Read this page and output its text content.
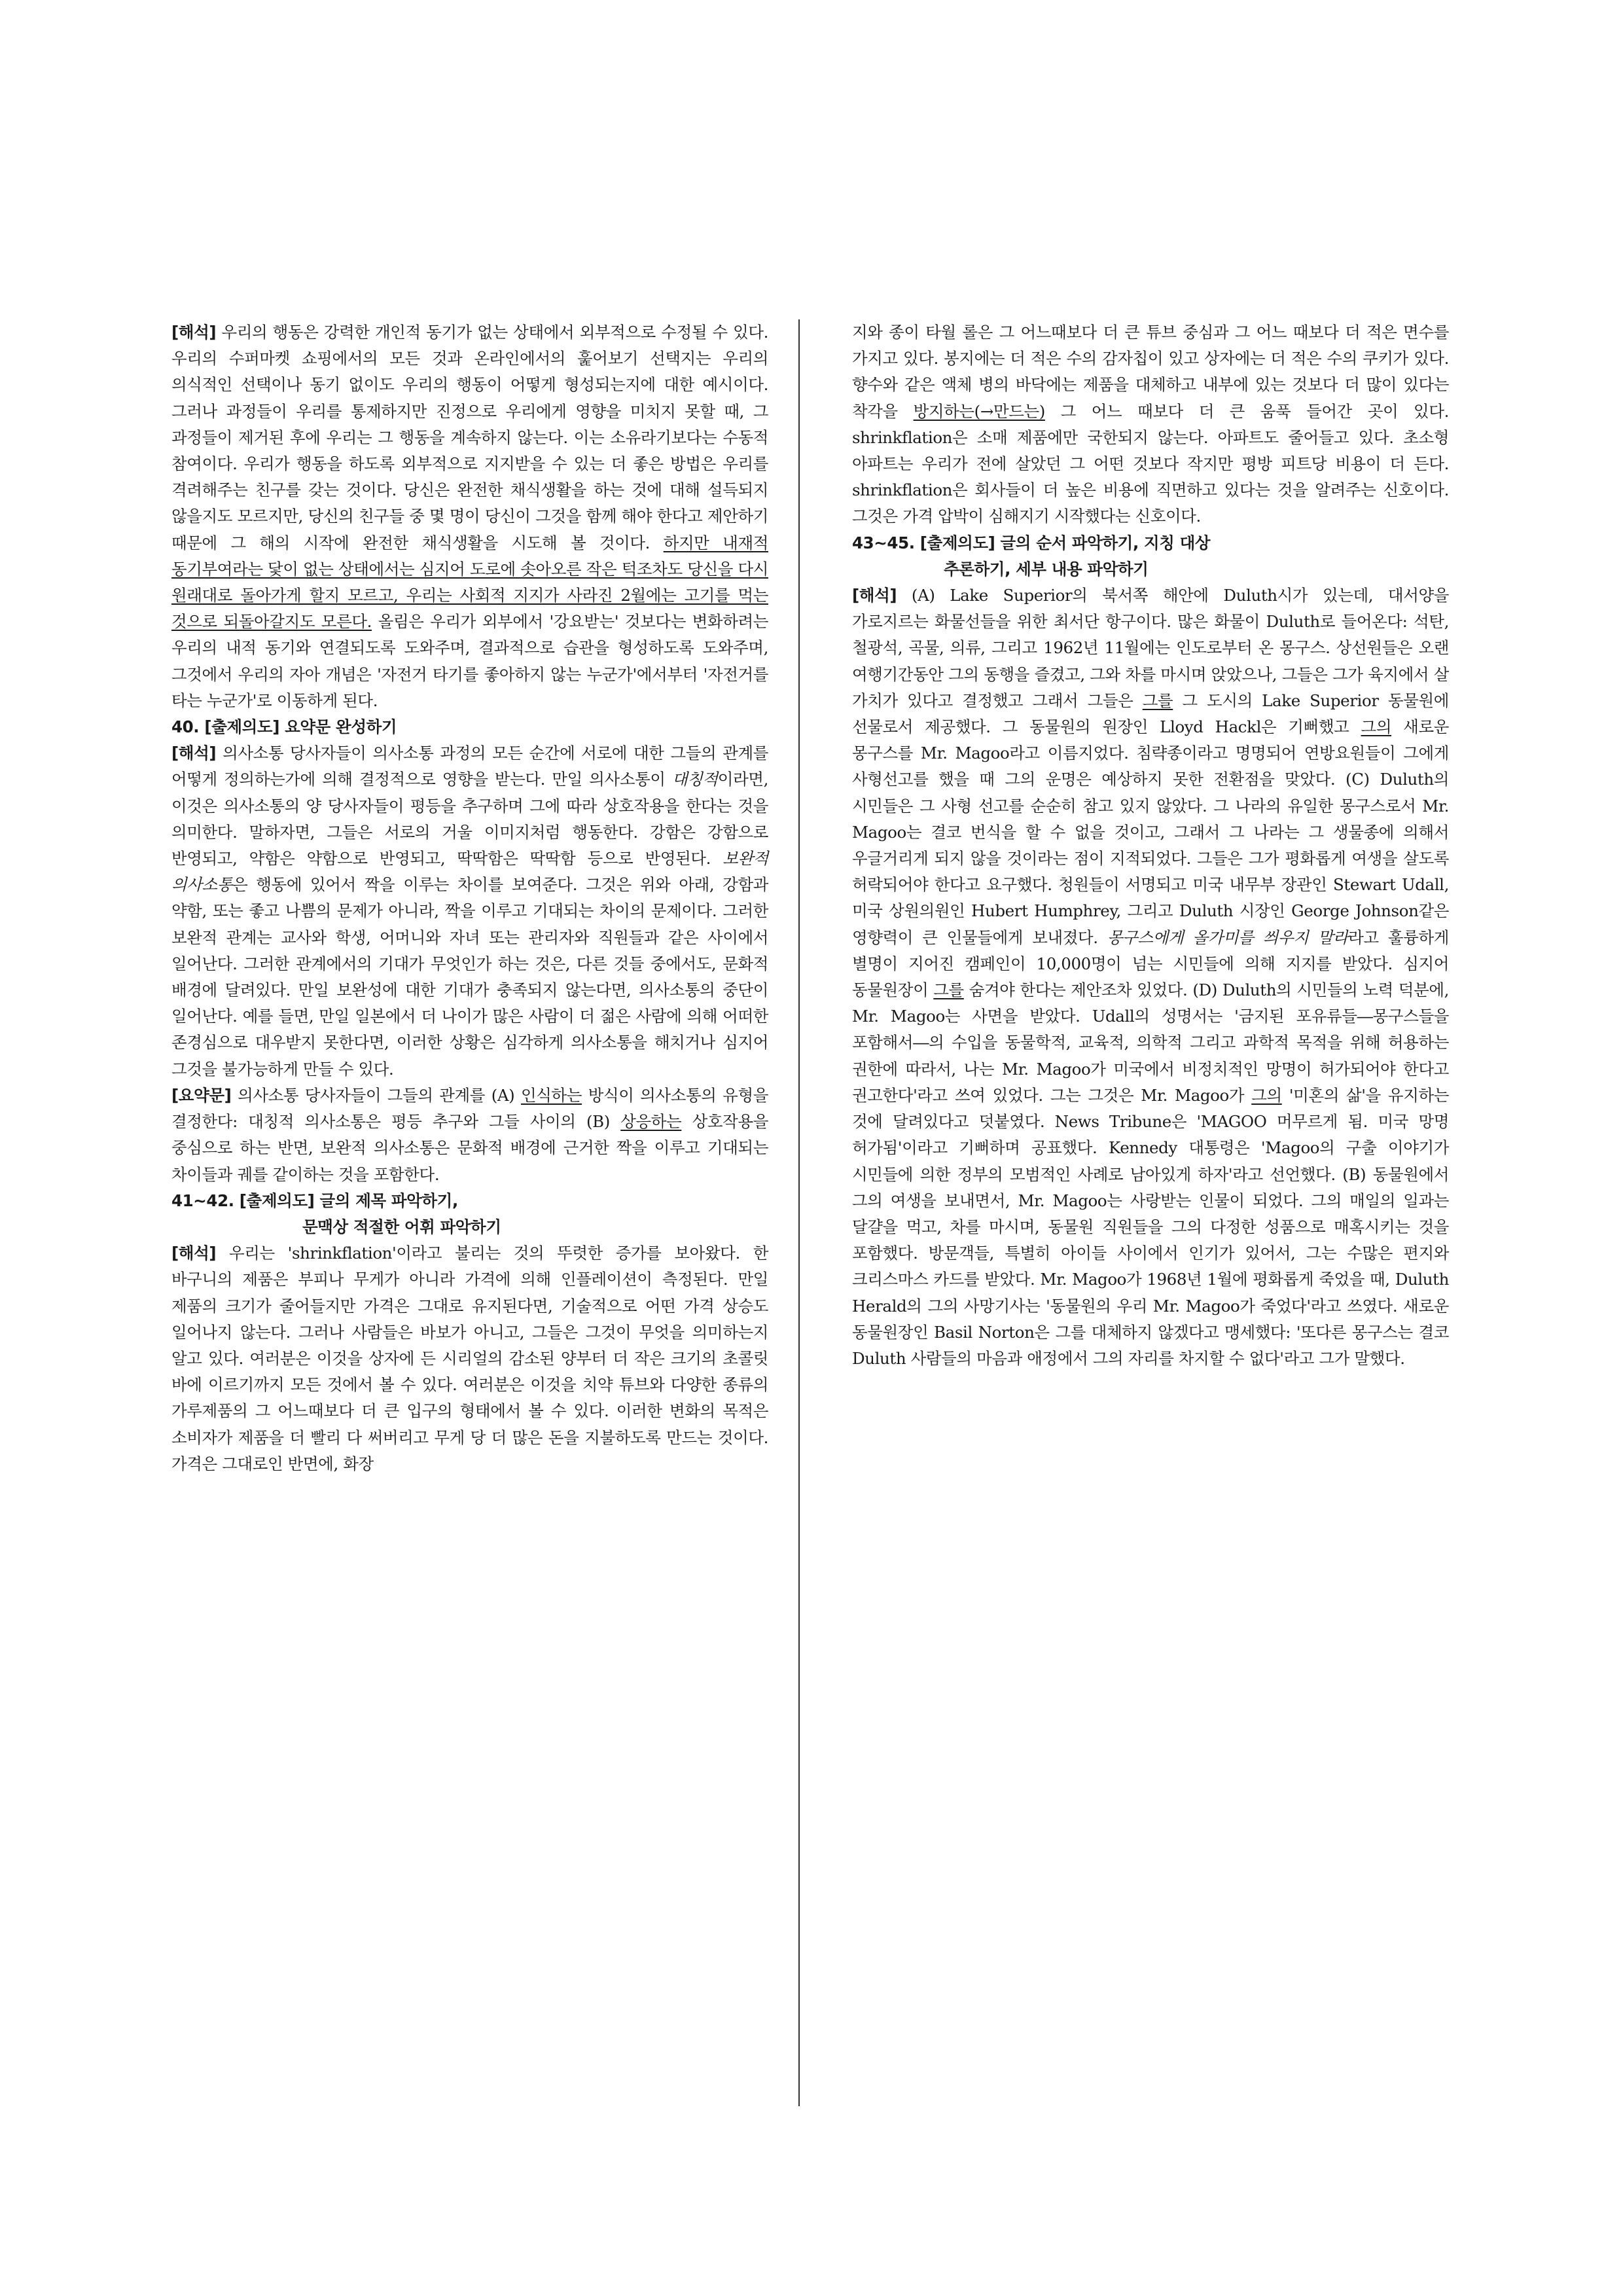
[해석] 우리의 행동은 강력한 개인적 동기가 없는 상태에서 외부적으로 수정될 수 있다. 우리의 수퍼마켓 쇼핑에서의 모든 것과 온라인에서의 훑어보기 선택지는 우리의 의식적인 선택이나 동기 없이도 우리의 행동이 어떻게 형성되는지에 대한 예시이다. 그러나 과정들이 우리를 통제하지만 진정으로 우리에게 영향을 미치지 못할 때, 그 과정들이 제거된 후에 우리는 그 행동을 계속하지 않는다. 이는 소유라기보다는 수동적 참여이다. 우리가 행동을 하도록 외부적으로 지지받을 수 있는 더 좋은 방법은 우리를 격려해주는 친구를 갖는 것이다. 당신은 완전한 채식생활을 하는 것에 대해 설득되지 않을지도 모르지만, 당신의 친구들 중 몇 명이 당신이 그것을 함께 해야 한다고 제안하기 때문에 그 해의 시작에 완전한 채식생활을 시도해 볼 것이다. 하지만 내재적 동기부여라는 닻이 없는 상태에서는 심지어 도로에 솟아오른 작은 턱조차도 당신을 다시 원래대로 돌아가게 할지 모르고, 우리는 사회적 지지가 사라진 2월에는 고기를 먹는 것으로 되돌아갈지도 모른다. 올림은 우리가 외부에서 '강요받는' 것보다는 변화하려는 우리의 내적 동기와 연결되도록 도와주며, 결과적으로 습관을 형성하도록 도와주며, 그것에서 우리의 자아 개념은 '자전거 타기를 좋아하지 않는 누군가'에서부터 '자전거를 타는 누군가'로 이동하게 된다.

40. [출제의도] 요약문 완성하기

[해석] 의사소통 당사자들이 의사소통 과정의 모든 순간에 서로에 대한 그들의 관계를 어떻게 정의하는가에 의해 결정적으로 영향을 받는다. 만일 의사소통이 대칭적이라면, 이것은 의사소통의 양 당사자들이 평등을 추구하며 그에 따라 상호작용을 한다는 것을 의미한다. 말하자면, 그들은 서로의 거울 이미지처럼 행동한다. 강함은 강함으로 반영되고, 약함은 약함으로 반영되고, 딱딱함은 딱딱함 등으로 반영된다. 보완적 의사소통은 행동에 있어서 짝을 이루는 차이를 보여준다. 그것은 위와 아래, 강함과 약함, 또는 좋고 나쁨의 문제가 아니라, 짝을 이루고 기대되는 차이의 문제이다. 그러한 보완적 관계는 교사와 학생, 어머니와 자녀 또는 관리자와 직원들과 같은 사이에서 일어난다. 그러한 관계에서의 기대가 무엇인가 하는 것은, 다른 것들 중에서도, 문화적 배경에 달려있다. 만일 보완성에 대한 기대가 충족되지 않는다면, 의사소통의 중단이 일어난다. 예를 들면, 만일 일본에서 더 나이가 많은 사람이 더 젊은 사람에 의해 어떠한 존경심으로 대우받지 못한다면, 이러한 상황은 심각하게 의사소통을 해치거나 심지어 그것을 불가능하게 만들 수 있다.

[요약문] 의사소통 당사자들이 그들의 관계를 (A) 인식하는 방식이 의사소통의 유형을 결정한다: 대칭적 의사소통은 평등 추구와 그들 사이의 (B) 상응하는 상호작용을 중심으로 하는 반면, 보완적 의사소통은 문화적 배경에 근거한 짝을 이루고 기대되는 차이들과 궤를 같이하는 것을 포함한다.

41~42. [출제의도] 글의 제목 파악하기,
문맥상 적절한 어휘 파악하기

[해석] 우리는 'shrinkflation'이라고 불리는 것의 뚜렷한 증가를 보아왔다. 한 바구니의 제품은 부피나 무게가 아니라 가격에 의해 인플레이션이 측정된다. 만일 제품의 크기가 줄어들지만 가격은 그대로 유지된다면, 기술적으로 어떤 가격 상승도 일어나지 않는다. 그러나 사람들은 바보가 아니고, 그들은 그것이 무엇을 의미하는지 알고 있다. 여러분은 이것을 상자에 든 시리얼의 감소된 양부터 더 작은 크기의 초콜릿 바에 이르기까지 모든 것에서 볼 수 있다. 여러분은 이것을 치약 튜브와 다양한 종류의 가루제품의 그 어느때보다 더 큰 입구의 형태에서 볼 수 있다. 이러한 변화의 목적은 소비자가 제품을 더 빨리 다 써버리고 무게 당 더 많은 돈을 지불하도록 만드는 것이다. 가격은 그대로인 반면에, 화장

지와 종이 타월 롤은 그 어느때보다 더 큰 튜브 중심과 그 어느 때보다 더 적은 면수를 가지고 있다. 봉지에는 더 적은 수의 감자칩이 있고 상자에는 더 적은 수의 쿠키가 있다. 향수와 같은 액체 병의 바닥에는 제품을 대체하고 내부에 있는 것보다 더 많이 있다는 착각을 방지하는(→만드는) 그 어느 때보다 더 큰 움푹 들어간 곳이 있다. shrinkflation은 소매 제품에만 국한되지 않는다. 아파트도 줄어들고 있다. 초소형 아파트는 우리가 전에 살았던 그 어떤 것보다 작지만 평방 피트당 비용이 더 든다. shrinkflation은 회사들이 더 높은 비용에 직면하고 있다는 것을 알려주는 신호이다. 그것은 가격 압박이 심해지기 시작했다는 신호이다.

43~45. [출제의도] 글의 순서 파악하기, 지칭 대상
추론하기, 세부 내용 파악하기

[해석] (A) Lake Superior의 북서쪽 해안에 Duluth시가 있는데, 대서양을 가로지르는 화물선들을 위한 최서단 항구이다. 많은 화물이 Duluth로 들어온다: 석탄, 철광석, 곡물, 의류, 그리고 1962년 11월에는 인도로부터 온 몽구스. 상선원들은 오랜 여행기간동안 그의 동행을 즐겼고, 그와 차를 마시며 앉았으나, 그들은 그가 육지에서 살 가치가 있다고 결정했고 그래서 그들은 그를 그 도시의 Lake Superior 동물원에 선물로서 제공했다. 그 동물원의 원장인 Lloyd Hackl은 기뻐했고 그의 새로운 몽구스를 Mr. Magoo라고 이름지었다. 침략종이라고 명명되어 연방요원들이 그에게 사형선고를 했을 때 그의 운명은 예상하지 못한 전환점을 맞았다. (C) Duluth의 시민들은 그 사형 선고를 순순히 참고 있지 않았다. 그 나라의 유일한 몽구스로서 Mr. Magoo는 결코 번식을 할 수 없을 것이고, 그래서 그 나라는 그 생물종에 의해서 우글거리게 되지 않을 것이라는 점이 지적되었다. 그들은 그가 평화롭게 여생을 살도록 허락되어야 한다고 요구했다. 청원들이 서명되고 미국 내무부 장관인 Stewart Udall, 미국 상원의원인 Hubert Humphrey, 그리고 Duluth 시장인 George Johnson같은 영향력이 큰 인물들에게 보내졌다. 몽구스에게 올가미를 씌우지 말라라고 훌륭하게 별명이 지어진 캠페인이 10,000명이 넘는 시민들에 의해 지지를 받았다. 심지어 동물원장이 그를 숨겨야 한다는 제안조차 있었다. (D) Duluth의 시민들의 노력 덕분에, Mr. Magoo는 사면을 받았다. Udall의 성명서는 '금지된 포유류들―몽구스들을 포함해서―의 수입을 동물학적, 교육적, 의학적 그리고 과학적 목적을 위해 허용하는 권한에 따라서, 나는 Mr. Magoo가 미국에서 비정치적인 망명이 허가되어야 한다고 권고한다'라고 쓰여 있었다. 그는 그것은 Mr. Magoo가 그의 '미혼의 삶'을 유지하는 것에 달려있다고 덧붙였다. News Tribune은 'MAGOO 머무르게 됨. 미국 망명 허가됨'이라고 기뻐하며 공표했다. Kennedy 대통령은 'Magoo의 구출 이야기가 시민들에 의한 정부의 모범적인 사례로 남아있게 하자'라고 선언했다. (B) 동물원에서 그의 여생을 보내면서, Mr. Magoo는 사랑받는 인물이 되었다. 그의 매일의 일과는 달걀을 먹고, 차를 마시며, 동물원 직원들을 그의 다정한 성품으로 매혹시키는 것을 포함했다. 방문객들, 특별히 아이들 사이에서 인기가 있어서, 그는 수많은 편지와 크리스마스 카드를 받았다. Mr. Magoo가 1968년 1월에 평화롭게 죽었을 때, Duluth Herald의 그의 사망기사는 '동물원의 우리 Mr. Magoo가 죽었다'라고 쓰였다. 새로운 동물원장인 Basil Norton은 그를 대체하지 않겠다고 맹세했다: '또다른 몽구스는 결코 Duluth 사람들의 마음과 애정에서 그의 자리를 차지할 수 없다'라고 그가 말했다.
